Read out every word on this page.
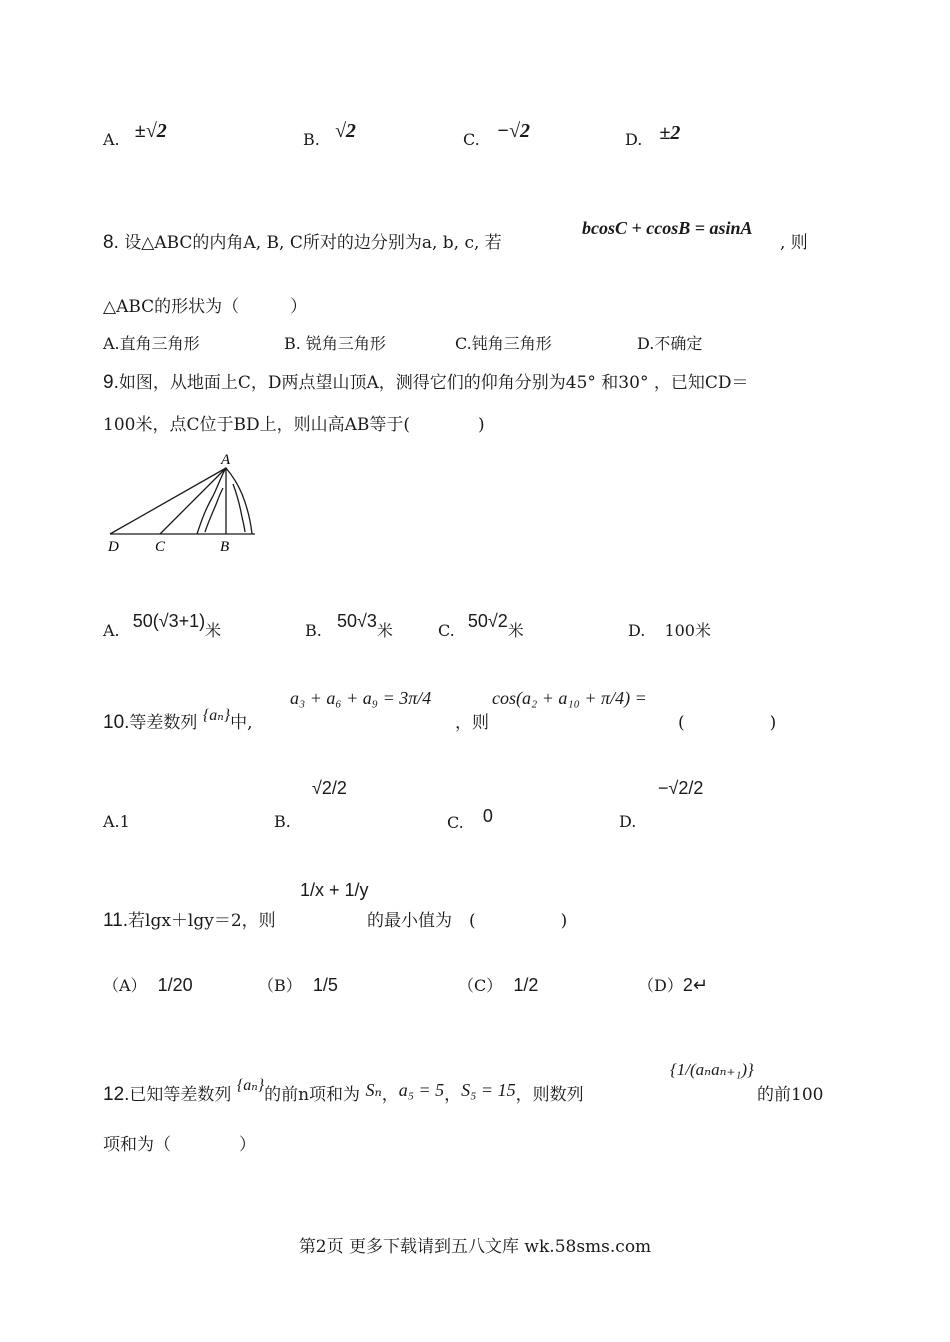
A. ±√2	B. √2	C. −√2	D. ±2
8. 设△ABC的内角A, B, C所对的边分别为a, b, c, 若
bcosC + ccosB = asinA
, 则
△ABC的形状为（　　　）
A.直角三角形	B. 锐角三角形	C.钝角三角形	D.不确定
9.如图，从地面上C，D两点望山顶A，测得它们的仰角分别为45° 和30° ，已知CD＝
100米，点C位于BD上，则山高AB等于(　　　　)
A
B
C
D
A. 50(√3+1)米	B. 50√3米	C. 50√2米	D. 100米
10.等差数列 {aₙ}中,
a₃ + a₆ + a₉ = 3π/4
，则
cos(a₂ + a₁₀ + π/4) =
(　　　　　)
A.1	B.
√2/2
C. 0	D.
−√2/2
11.若lgx＋lgy＝2，则
1/x + 1/y
的最小值为　(　　　　　)
（A） 1/20	（B） 1/5	（C） 1/2	（D）2↵
12.已知等差数列 {aₙ}的前n项和为 Sₙ，a₅ = 5，S₅ = 15，则数列
{1/(aₙaₙ₊₁)}
的前100
项和为（　　　　）
第2页 更多下载请到五八文库 wk.58sms.com
